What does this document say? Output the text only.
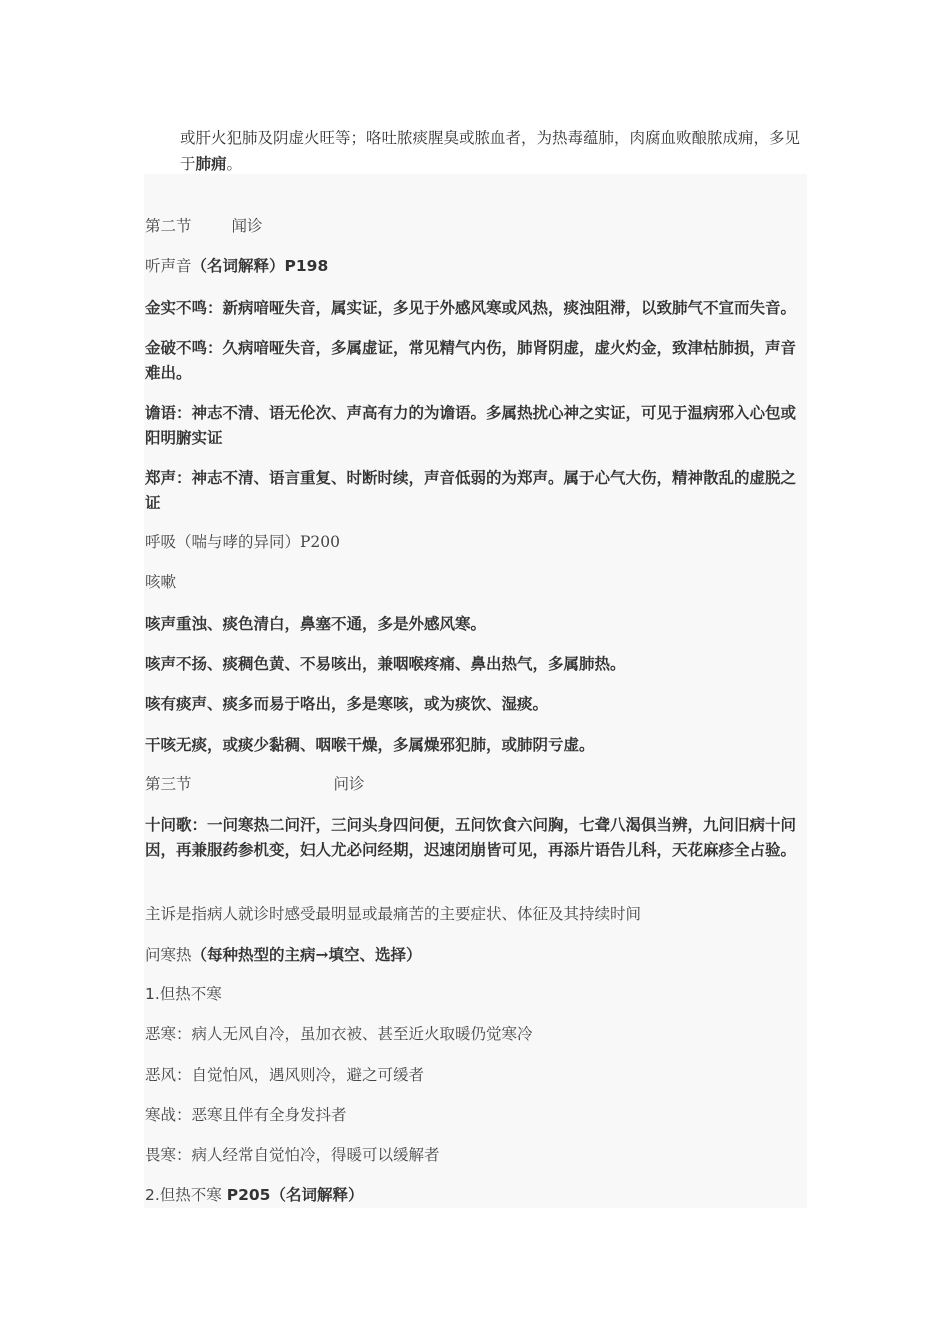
或肝火犯肺及阴虚火旺等；咯吐脓痰腥臭或脓血者，为热毒蕴肺，肉腐血败酿脓成痈，多见于肺痈。
第二节	闻诊
听声音（名词解释）P198
金实不鸣：新病喑哑失音，属实证，多见于外感风寒或风热，痰浊阻滞，以致肺气不宣而失音。
金破不鸣：久病喑哑失音，多属虚证，常见精气内伤，肺肾阴虚，虚火灼金，致津枯肺损，声音难出。
谵语：神志不清、语无伦次、声高有力的为谵语。多属热扰心神之实证，可见于温病邪入心包或阳明腑实证
郑声：神志不清、语言重复、时断时续，声音低弱的为郑声。属于心气大伤，精神散乱的虚脱之证
呼吸（喘与哮的异同）P200
咳嗽
咳声重浊、痰色清白，鼻塞不通，多是外感风寒。
咳声不扬、痰稠色黄、不易咳出，兼咽喉疼痛、鼻出热气，多属肺热。
咳有痰声、痰多而易于咯出，多是寒咳，或为痰饮、湿痰。
干咳无痰，或痰少黏稠、咽喉干燥，多属燥邪犯肺，或肺阴亏虚。
第三节	问诊
十问歌：一问寒热二问汗，三问头身四问便，五问饮食六问胸，七聋八渴俱当辨，九问旧病十问因，再兼服药参机变，妇人尤必问经期，迟速闭崩皆可见，再添片语告儿科，天花麻疹全占验。
主诉是指病人就诊时感受最明显或最痛苦的主要症状、体征及其持续时间
问寒热（每种热型的主病→填空、选择）
1.但热不寒
恶寒：病人无风自冷，虽加衣被、甚至近火取暖仍觉寒冷
恶风：自觉怕风，遇风则冷，避之可缓者
寒战：恶寒且伴有全身发抖者
畏寒：病人经常自觉怕冷，得暖可以缓解者
2.但热不寒 P205（名词解释）
